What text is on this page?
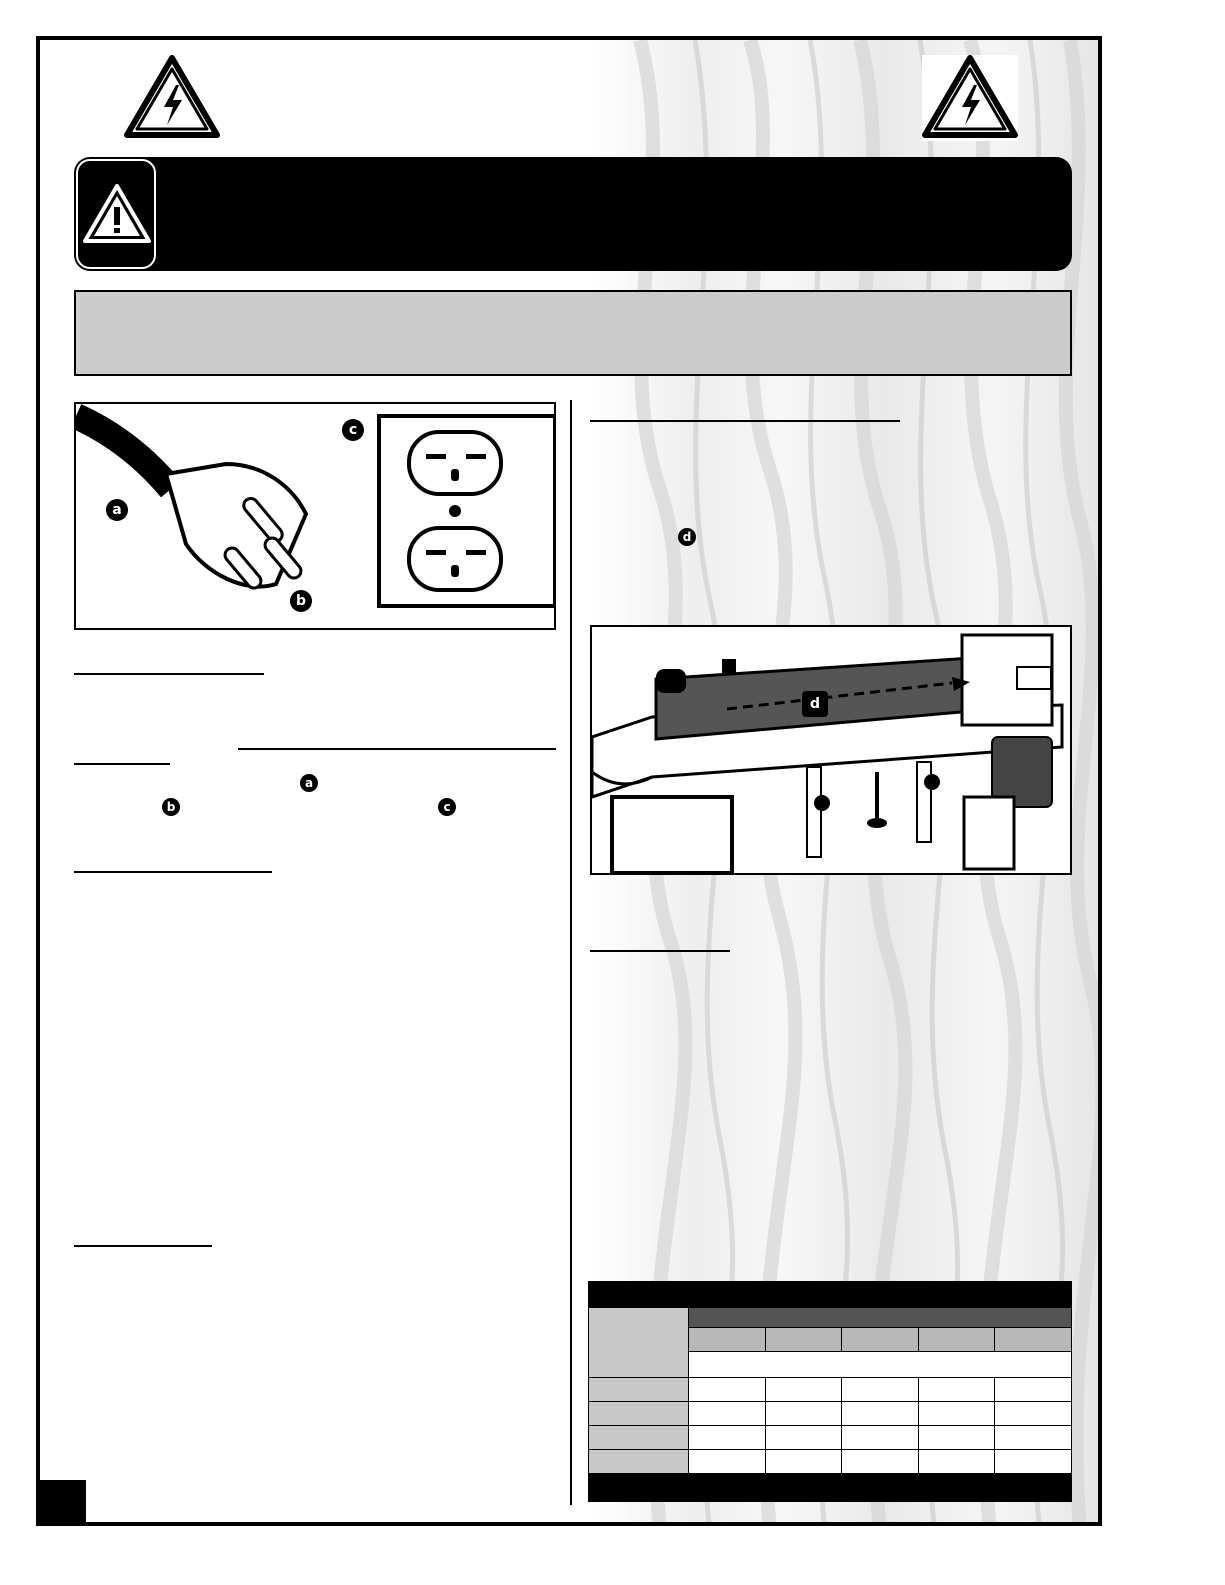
a
b
c
a
b	c
d
d
